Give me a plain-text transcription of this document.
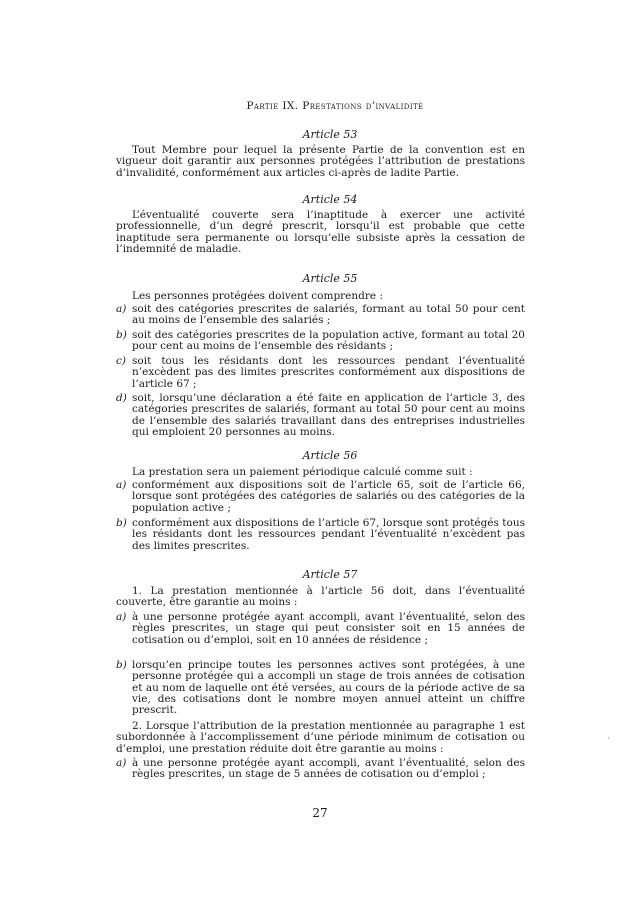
Partie IX. Prestations d’invalidité
Article 53

Tout Membre pour lequel la présente Partie de la convention est en vigueur doit garantir aux personnes protégées l’attribution de prestations d’invalidité, conformément aux articles ci-après de ladite Partie.

Article 54

L’éventualité couverte sera l’inaptitude à exercer une activité professionnelle, d’un degré prescrit, lorsqu’il est probable que cette inaptitude sera permanente ou lorsqu’elle subsiste après la cessation de l’indemnité de maladie.

Article 55

Les personnes protégées doivent comprendre :

a) soit des catégories prescrites de salariés, formant au total 50 pour cent au moins de l’ensemble des salariés ;
b) soit des catégories prescrites de la population active, formant au total 20 pour cent au moins de l’ensemble des résidants ;
c) soit tous les résidants dont les ressources pendant l’éventualité n’excèdent pas des limites prescrites conformément aux dispositions de l’article 67 ;
d) soit, lorsqu’une déclaration a été faite en application de l’article 3, des catégories prescrites de salariés, formant au total 50 pour cent au moins de l’ensemble des salariés travaillant dans des entreprises industrielles qui emploient 20 personnes au moins.
Article 56

La prestation sera un paiement périodique calculé comme suit :

a) conformément aux dispositions soit de l’article 65, soit de l’article 66, lorsque sont protégées des catégories de salariés ou des catégories de la population active ;
b) conformément aux dispositions de l’article 67, lorsque sont protégés tous les résidants dont les ressources pendant l’éventualité n’excèdent pas des limites prescrites.
Article 57

1. La prestation mentionnée à l’article 56 doit, dans l’éventualité couverte, être garantie au moins :

a) à une personne protégée ayant accompli, avant l’éventualité, selon des règles prescrites, un stage qui peut consister soit en 15 années de cotisation ou d’emploi, soit en 10 années de résidence ;
b) lorsqu’en principe toutes les personnes actives sont protégées, à une personne protégée qui a accompli un stage de trois années de cotisation et au nom de laquelle ont été versées, au cours de la période active de sa vie, des cotisations dont le nombre moyen annuel atteint un chiffre prescrit.

2. Lorsque l’attribution de la prestation mentionnée au paragraphe 1 est subordonnée à l’accomplissement d’une période minimum de cotisation ou d’emploi, une prestation réduite doit être garantie au moins :

a) à une personne protégée ayant accompli, avant l’éventualité, selon des règles prescrites, un stage de 5 années de cotisation ou d’emploi ;
27
ˊ
